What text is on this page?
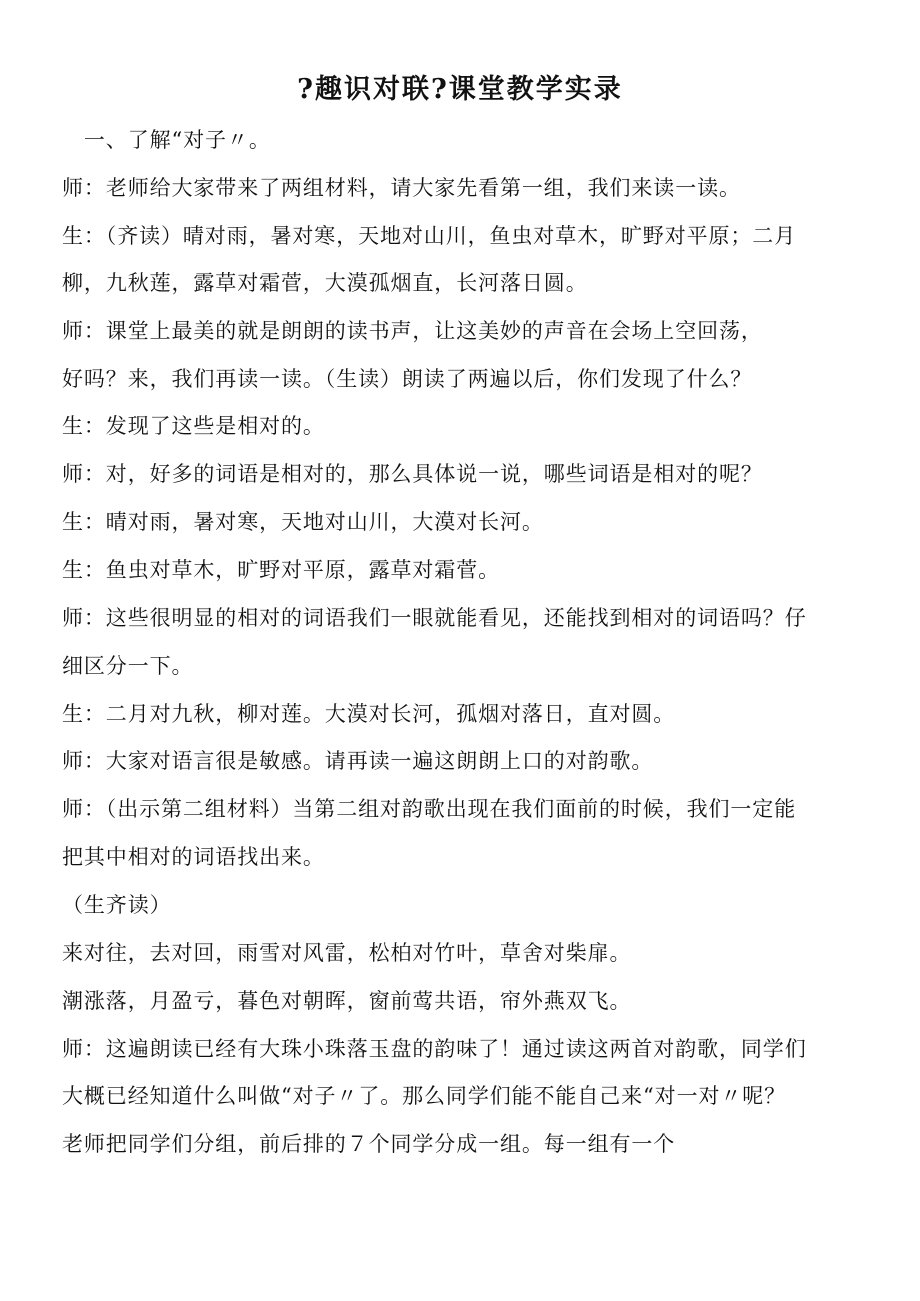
?趣识对联?课堂教学实录
　一、了解“对子〃。
师：老师给大家带来了两组材料，请大家先看第一组，我们来读一读。
生：（齐读）晴对雨，暑对寒，天地对山川，鱼虫对草木，旷野对平原；二月
柳，九秋莲，露草对霜菅，大漠孤烟直，长河落日圆。
师：课堂上最美的就是朗朗的读书声，让这美妙的声音在会场上空回荡，
好吗？来，我们再读一读。（生读）朗读了两遍以后，你们发现了什么？
生：发现了这些是相对的。
师：对，好多的词语是相对的，那么具体说一说，哪些词语是相对的呢？
生：晴对雨，暑对寒，天地对山川，大漠对长河。
生：鱼虫对草木，旷野对平原，露草对霜菅。
师：这些很明显的相对的词语我们一眼就能看见，还能找到相对的词语吗？仔
细区分一下。
生：二月对九秋，柳对莲。大漠对长河，孤烟对落日，直对圆。
师：大家对语言很是敏感。请再读一遍这朗朗上口的对韵歌。
师：（出示第二组材料）当第二组对韵歌出现在我们面前的时候，我们一定能
把其中相对的词语找出来。
（生齐读）
来对往，去对回，雨雪对风雷，松柏对竹叶，草舍对柴扉。
潮涨落，月盈亏，暮色对朝晖，窗前莺共语，帘外燕双飞。
师：这遍朗读已经有大珠小珠落玉盘的韵味了！通过读这两首对韵歌，同学们
大概已经知道什么叫做“对子〃了。那么同学们能不能自己来“对一对〃呢？
老师把同学们分组，前后排的７个同学分成一组。每一组有一个
